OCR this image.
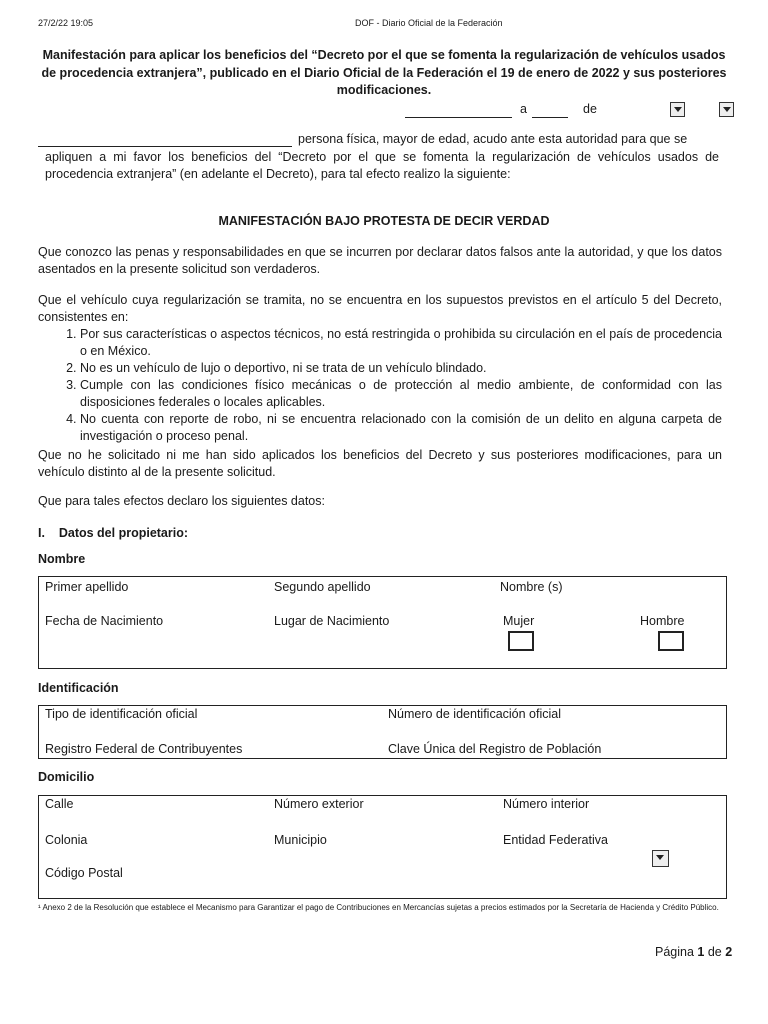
27/2/22 19:05	DOF - Diario Oficial de la Federación
Manifestación para aplicar los beneficios del “Decreto por el que se fomenta la regularización de vehículos usados de procedencia extranjera”, publicado en el Diario Oficial de la Federación el 19 de enero de 2022 y sus posteriores modificaciones.
a	de
persona física, mayor de edad, acudo ante esta autoridad para que se
apliquen a mi favor los beneficios del “Decreto por el que se fomenta la regularización de vehículos usados de procedencia extranjera” (en adelante el Decreto), para tal efecto realizo la siguiente:
MANIFESTACIÓN BAJO PROTESTA DE DECIR VERDAD
Que conozco las penas y responsabilidades en que se incurren por declarar datos falsos ante la autoridad, y que los datos asentados en la presente solicitud son verdaderos.
Que el vehículo cuya regularización se tramita, no se encuentra en los supuestos previstos en el artículo 5 del Decreto, consistentes en:
1. Por sus características o aspectos técnicos, no está restringida o prohibida su circulación en el país de procedencia o en México.
2. No es un vehículo de lujo o deportivo, ni se trata de un vehículo blindado.
3. Cumple con las condiciones físico mecánicas o de protección al medio ambiente, de conformidad con las disposiciones federales o locales aplicables.
4. No cuenta con reporte de robo, ni se encuentra relacionado con la comisión de un delito en alguna carpeta de investigación o proceso penal.
Que no he solicitado ni me han sido aplicados los beneficios del Decreto y sus posteriores modificaciones, para un vehículo distinto al de la presente solicitud.
Que para tales efectos declaro los siguientes datos:
I.    Datos del propietario:
Nombre
Primer apellido	Segundo apellido	Nombre (s)
Fecha de Nacimiento	Lugar de Nacimiento	Mujer	Hombre
Identificación
Tipo de identificación oficial	Número de identificación oficial
Registro Federal de Contribuyentes	Clave Única del Registro de Población
Domicilio
Calle	Número exterior	Número interior
Colonia	Municipio	Entidad Federativa
Código Postal
¹ Anexo 2 de la Resolución que establece el Mecanismo para Garantizar el pago de Contribuciones en Mercancías sujetas a precios estimados por la Secretaría de Hacienda y Crédito Público.
Página 1 de 2
